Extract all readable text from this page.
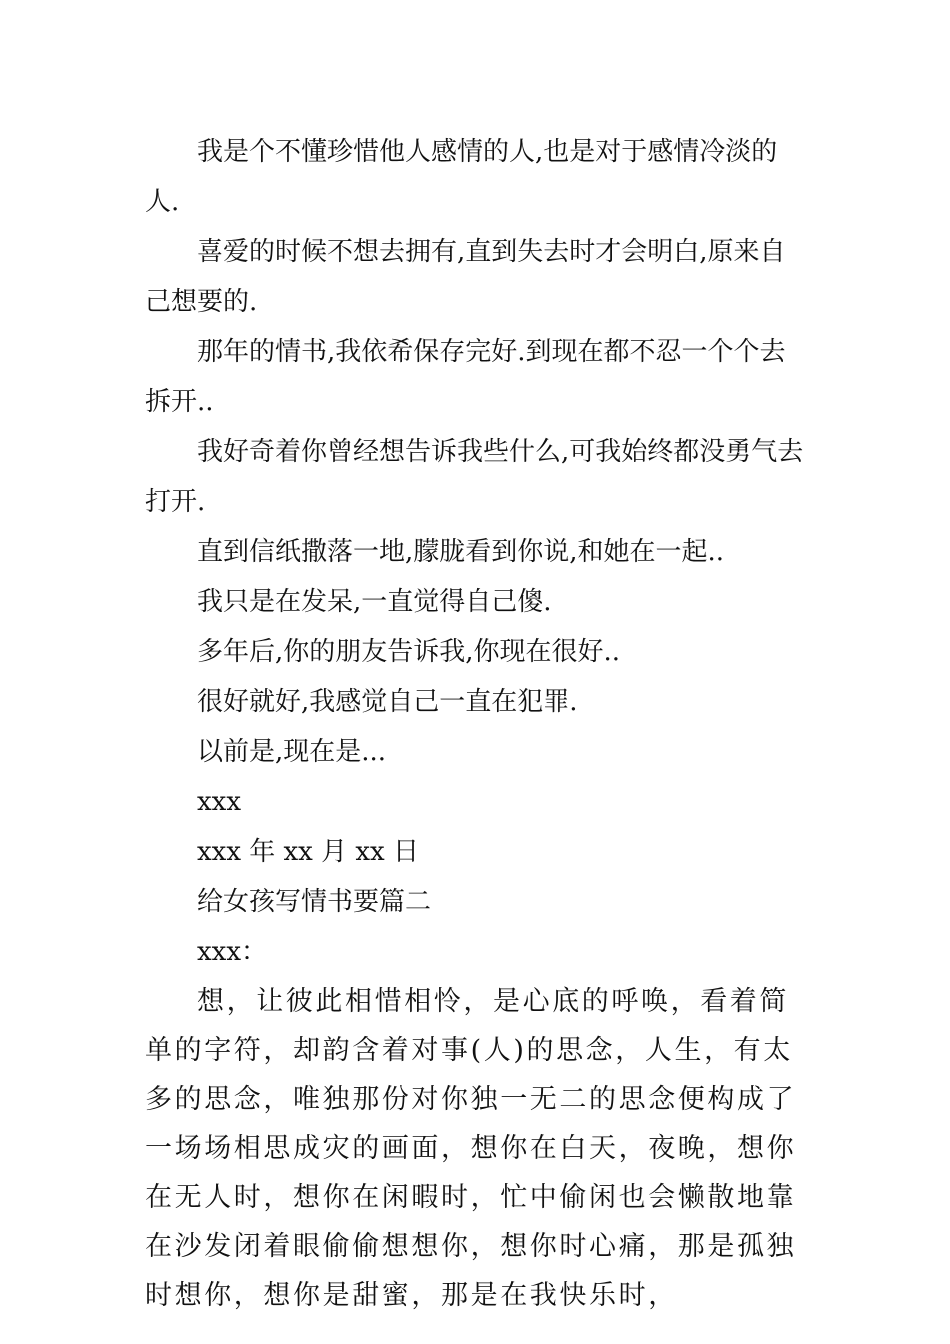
我是个不懂珍惜他人感情的人,也是对于感情冷淡的人.

喜爱的时候不想去拥有,直到失去时才会明白,原来自己想要的.

那年的情书,我依希保存完好.到现在都不忍一个个去拆开..

我好奇着你曾经想告诉我些什么,可我始终都没勇气去打开.

直到信纸撒落一地,朦胧看到你说,和她在一起..

我只是在发呆,一直觉得自己傻.

多年后,你的朋友告诉我,你现在很好..

很好就好,我感觉自己一直在犯罪.

以前是,现在是...

xxx

xxx 年 xx 月 xx 日

给女孩写情书要篇二

xxx：

想，让彼此相惜相怜，是心底的呼唤，看着简单的字符，却韵含着对事(人)的思念，人生，有太多的思念，唯独那份对你独一无二的思念便构成了一场场相思成灾的画面，想你在白天，夜晚，想你在无人时，想你在闲暇时，忙中偷闲也会懒散地靠在沙发闭着眼偷偷想想你，想你时心痛，那是孤独时想你，想你是甜蜜，那是在我快乐时，
